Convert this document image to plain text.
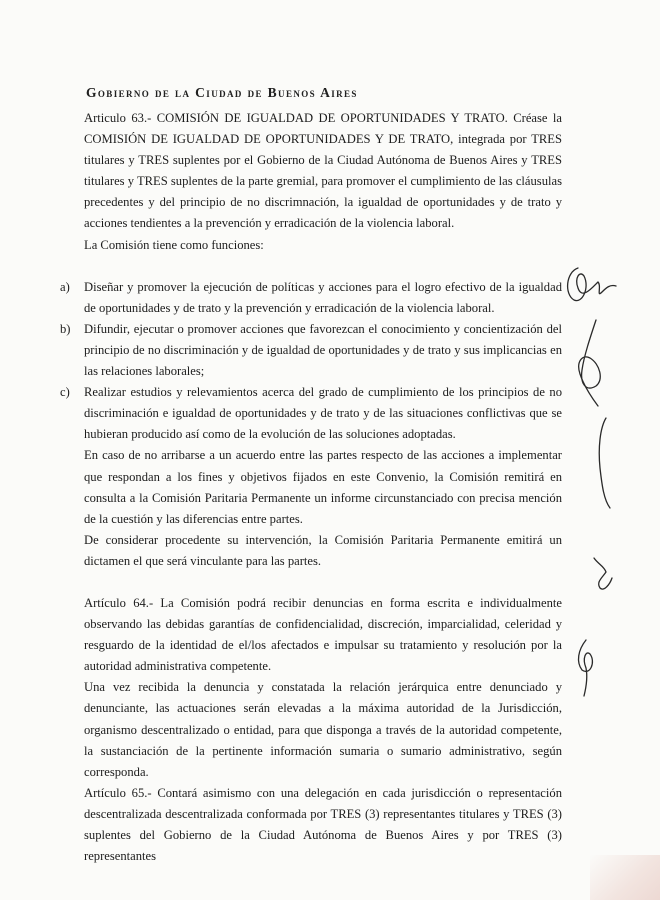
Gobierno de la Ciudad de Buenos Aires

Articulo 63.- COMISIÓN DE IGUALDAD DE OPORTUNIDADES Y TRATO. Créase la COMISIÓN DE IGUALDAD DE OPORTUNIDADES Y DE TRATO, integrada por TRES titulares y TRES suplentes por el Gobierno de la Ciudad Autónoma de Buenos Aires y TRES titulares y TRES suplentes de la parte gremial, para promover el cumplimiento de las cláusulas precedentes y del principio de no discrimnación, la igualdad de oportunidades y de trato y acciones tendientes a la prevención y erradicación de la violencia laboral.

La Comisión tiene como funciones:

a) Diseñar y promover la ejecución de políticas y acciones para el logro efectivo de la igualdad de oportunidades y de trato y la prevención y erradicación de la violencia laboral.

b) Difundir, ejecutar o promover acciones que favorezcan el conocimiento y concientización del principio de no discriminación y de igualdad de oportunidades y de trato y sus implicancias en las relaciones laborales;

c) Realizar estudios y relevamientos acerca del grado de cumplimiento de los principios de no discriminación e igualdad de oportunidades y de trato y de las situaciones conflictivas que se hubieran producido así como de la evolución de las soluciones adoptadas.

En caso de no arribarse a un acuerdo entre las partes respecto de las acciones a implementar que respondan a los fines y objetivos fijados en este Convenio, la Comisión remitirá en consulta a la Comisión Paritaria Permanente un informe circunstanciado con precisa mención de la cuestión y las diferencias entre partes.

De considerar procedente su intervención, la Comisión Paritaria Permanente emitirá un dictamen el que será vinculante para las partes.

Artículo 64.- La Comisión podrá recibir denuncias en forma escrita e individualmente observando las debidas garantías de confidencialidad, discreción, imparcialidad, celeridad y resguardo de la identidad de el/los afectados e impulsar su tratamiento y resolución por la autoridad administrativa competente.

Una vez recibida la denuncia y constatada la relación jerárquica entre denunciado y denunciante, las actuaciones serán elevadas a la máxima autoridad de la Jurisdicción, organismo descentralizado o entidad, para que disponga a través de la autoridad competente, la sustanciación de la pertinente información sumaria o sumario administrativo, según corresponda.

Artículo 65.- Contará asimismo con una delegación en cada jurisdicción o representación descentralizada descentralizada conformada por TRES (3) representantes titulares y TRES (3) suplentes del Gobierno de la Ciudad Autónoma de Buenos Aires y por TRES (3) representantes
